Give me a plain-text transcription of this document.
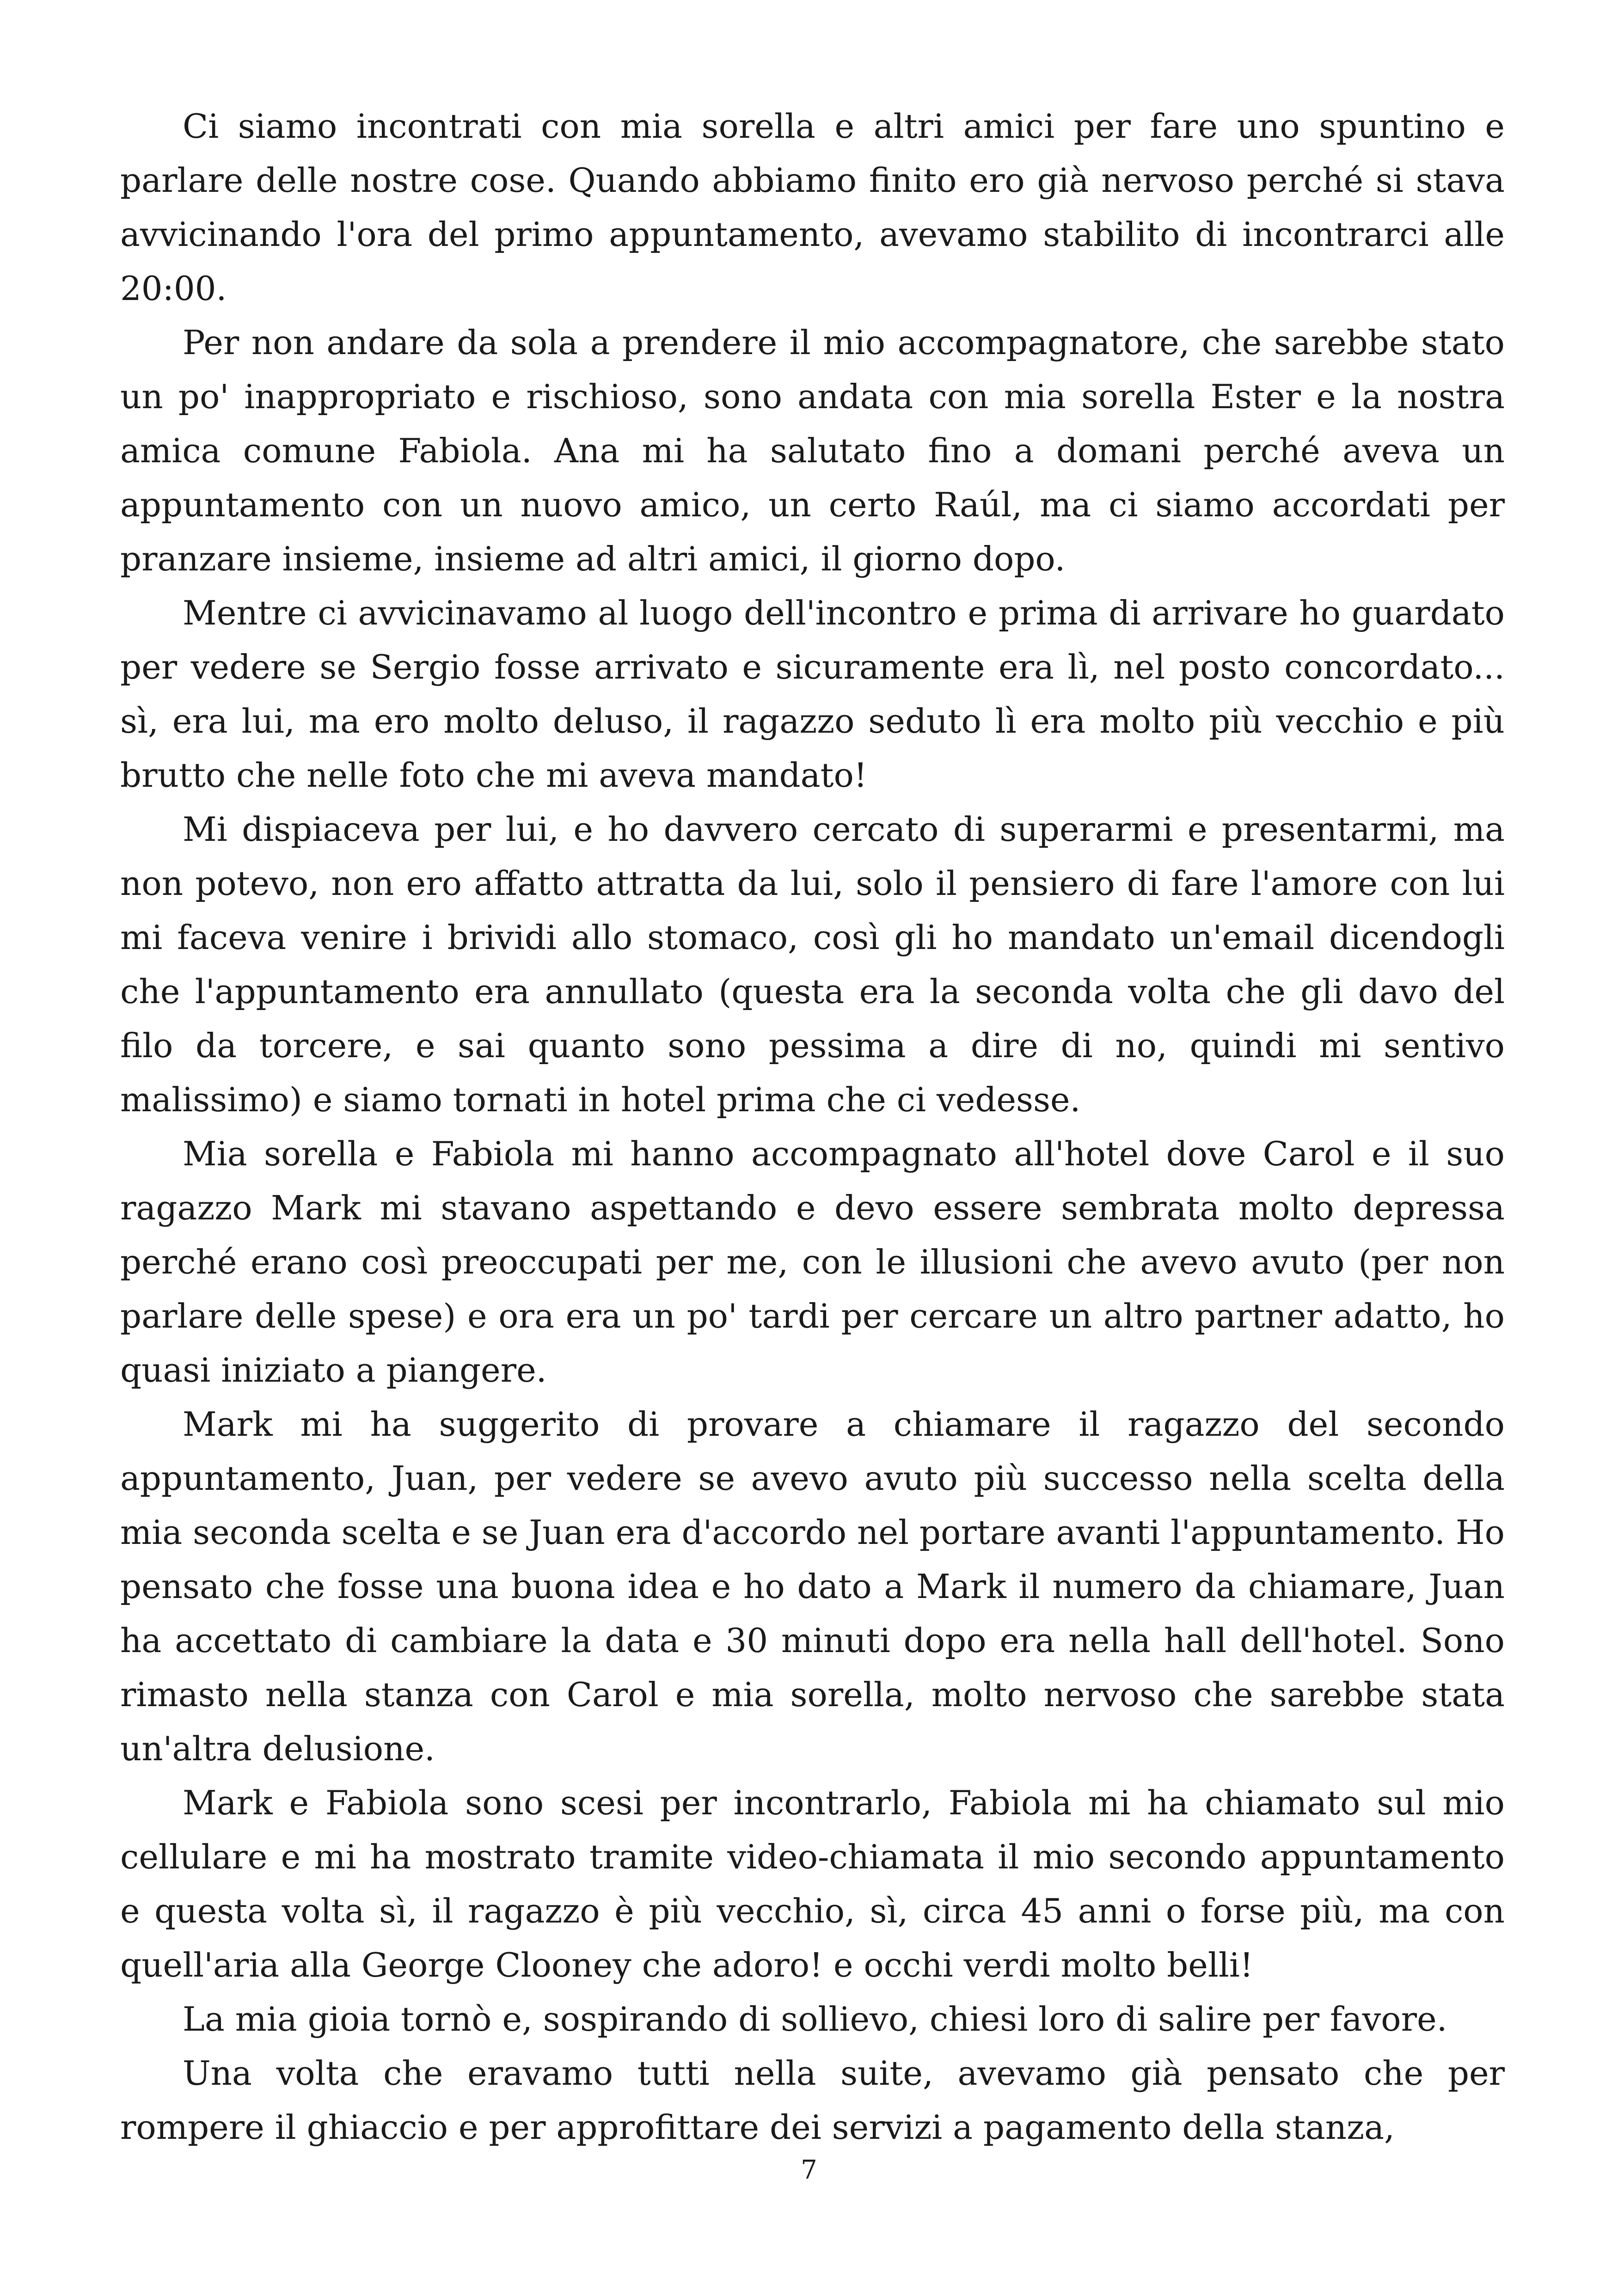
Ci siamo incontrati con mia sorella e altri amici per fare uno spuntino e parlare delle nostre cose. Quando abbiamo finito ero già nervoso perché si stava avvicinando l'ora del primo appuntamento, avevamo stabilito di incontrarci alle 20:00.

Per non andare da sola a prendere il mio accompagnatore, che sarebbe stato un po' inappropriato e rischioso, sono andata con mia sorella Ester e la nostra amica comune Fabiola. Ana mi ha salutato fino a domani perché aveva un appuntamento con un nuovo amico, un certo Raúl, ma ci siamo accordati per pranzare insieme, insieme ad altri amici, il giorno dopo.

Mentre ci avvicinavamo al luogo dell'incontro e prima di arrivare ho guardato per vedere se Sergio fosse arrivato e sicuramente era lì, nel posto concordato... sì, era lui, ma ero molto deluso, il ragazzo seduto lì era molto più vecchio e più brutto che nelle foto che mi aveva mandato!

Mi dispiaceva per lui, e ho davvero cercato di superarmi e presentarmi, ma non potevo, non ero affatto attratta da lui, solo il pensiero di fare l'amore con lui mi faceva venire i brividi allo stomaco, così gli ho mandato un'email dicendogli che l'appuntamento era annullato (questa era la seconda volta che gli davo del filo da torcere, e sai quanto sono pessima a dire di no, quindi mi sentivo malissimo) e siamo tornati in hotel prima che ci vedesse.

Mia sorella e Fabiola mi hanno accompagnato all'hotel dove Carol e il suo ragazzo Mark mi stavano aspettando e devo essere sembrata molto depressa perché erano così preoccupati per me, con le illusioni che avevo avuto (per non parlare delle spese) e ora era un po' tardi per cercare un altro partner adatto, ho quasi iniziato a piangere.

Mark mi ha suggerito di provare a chiamare il ragazzo del secondo appuntamento, Juan, per vedere se avevo avuto più successo nella scelta della mia seconda scelta e se Juan era d'accordo nel portare avanti l'appuntamento. Ho pensato che fosse una buona idea e ho dato a Mark il numero da chiamare, Juan ha accettato di cambiare la data e 30 minuti dopo era nella hall dell'hotel. Sono rimasto nella stanza con Carol e mia sorella, molto nervoso che sarebbe stata un'altra delusione.

Mark e Fabiola sono scesi per incontrarlo, Fabiola mi ha chiamato sul mio cellulare e mi ha mostrato tramite video-chiamata il mio secondo appuntamento e questa volta sì, il ragazzo è più vecchio, sì, circa 45 anni o forse più, ma con quell'aria alla George Clooney che adoro! e occhi verdi molto belli!

La mia gioia tornò e, sospirando di sollievo, chiesi loro di salire per favore.

Una volta che eravamo tutti nella suite, avevamo già pensato che per rompere il ghiaccio e per approfittare dei servizi a pagamento della stanza,

7
